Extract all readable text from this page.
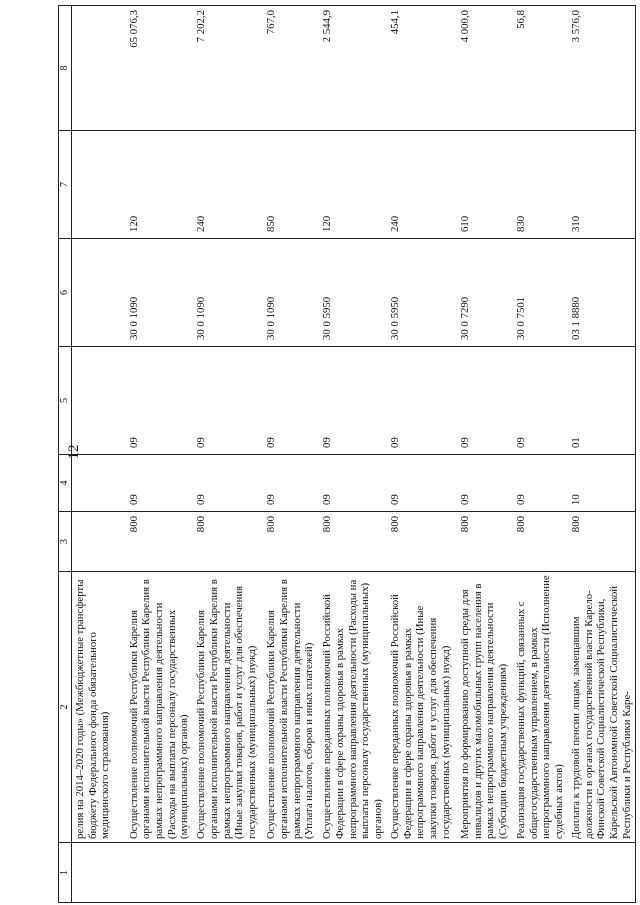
12
1	2	3	4	5	6	7	8
	релия на 2014–2020 годы» (Межбюджетные трансферты бюджету Федерального фонда обязательного медицинского страхования)						
	Осуществление полномочий Республики Карелия органами исполнительной власти Республики Карелия в рамках непрограммного направления деятельности (Расходы на выплаты персоналу государственных (муниципальных) органов)	800	09	09	30 0 1090	120	65 076,3
	Осуществление полномочий Республики Карелия органами исполнительной власти Республики Карелия в рамках непрограммного направления деятельности (Иные закупки товаров, работ и услуг для обеспечения государственных (муниципальных) нужд)	800	09	09	30 0 1090	240	7 202,2
	Осуществление полномочий Республики Карелия органами исполнительной власти Республики Карелия в рамках непрограммного направления деятельности (Уплата налогов, сборов и иных платежей)	800	09	09	30 0 1090	850	767,0
	Осуществление переданных полномочий Российской Федерации в сфере охраны здоровья в рамках непрограммного направления деятельности (Расходы на выплаты персоналу государственных (муниципальных) органов)	800	09	09	30 0 5950	120	2 544,9
	Осуществление переданных полномочий Российской Федерации в сфере охраны здоровья в рамках непрограммного направления деятельности (Иные закупки товаров, работ и услуг для обеспечения государственных (муниципальных) нужд)	800	09	09	30 0 5950	240	454,1
	Мероприятия по формированию доступной среды для инвалидов и других маломобильных групп населения в рамках непрограммного направления деятельности (Субсидии бюджетным учреждениям)	800	09	09	30 0 7290	610	4 000,0
	Реализация государственных функций, связанных с общегосударственным управлением, в рамках непрограммного направления деятельности (Исполнение судебных актов)	800	09	09	30 0 7501	830	56,8
	Доплата к трудовой пенсии лицам, замещавшим должности в органах государственной власти Карело-Финской Советской Социалистической Республики, Карельской Автономной Советской Социалистической Республики и Республики Каре-	800	10	01	03 1 8880	310	3 576,0
